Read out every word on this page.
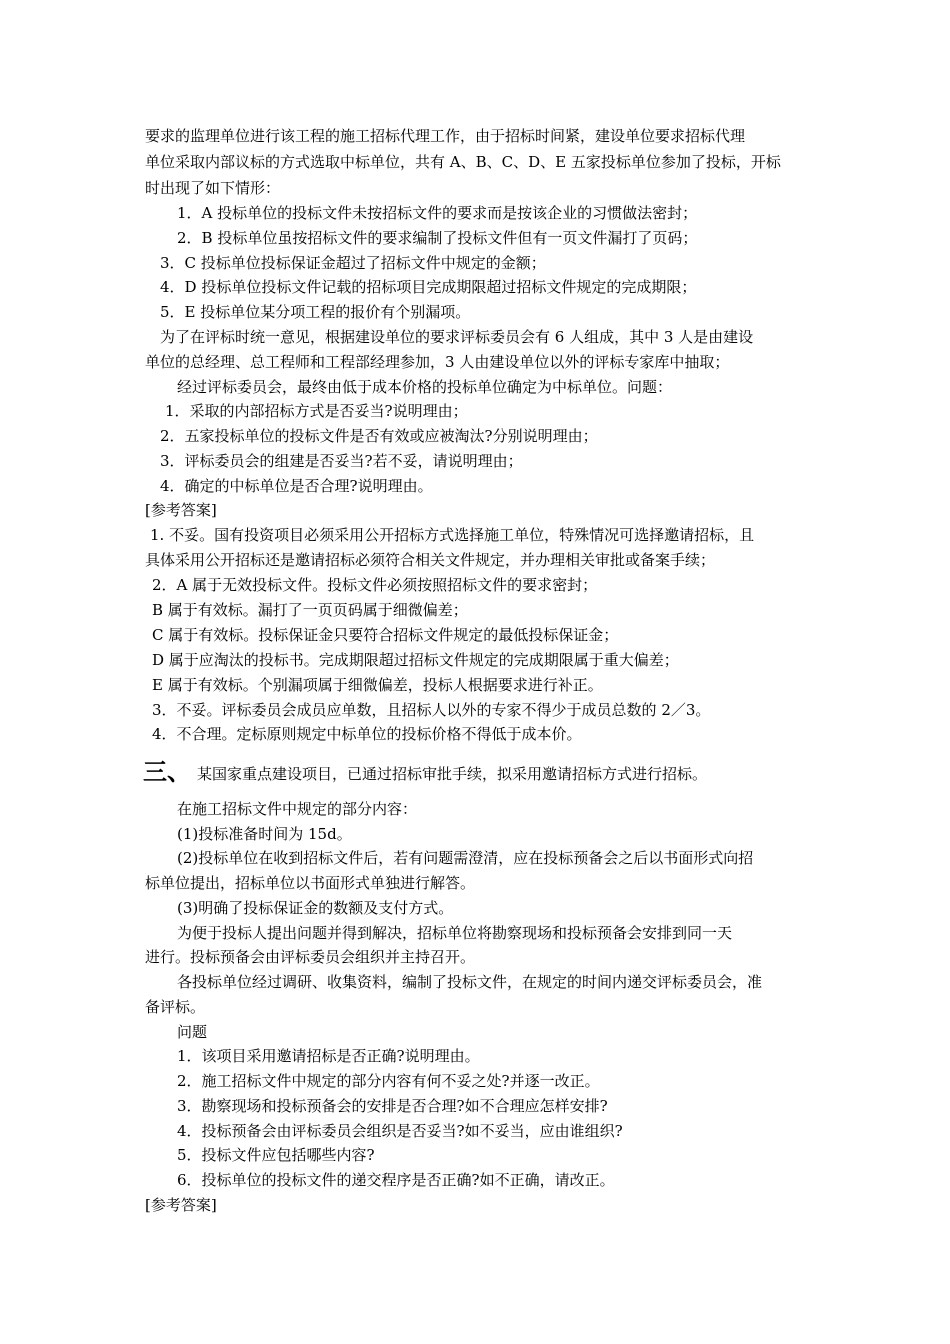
要求的监理单位进行该工程的施工招标代理工作，由于招标时间紧，建设单位要求招标代理
单位采取内部议标的方式选取中标单位，共有 A、B、C、D、E 五家投标单位参加了投标，开标
时出现了如下情形：
1．A 投标单位的投标文件未按招标文件的要求而是按该企业的习惯做法密封；
2．B 投标单位虽按招标文件的要求编制了投标文件但有一页文件漏打了页码；
3．C 投标单位投标保证金超过了招标文件中规定的金额；
4．D 投标单位投标文件记载的招标项目完成期限超过招标文件规定的完成期限；
5．E 投标单位某分项工程的报价有个别漏项。
为了在评标时统一意见，根据建设单位的要求评标委员会有 6 人组成，其中 3 人是由建设
单位的总经理、总工程师和工程部经理参加，3 人由建设单位以外的评标专家库中抽取；
经过评标委员会，最终由低于成本价格的投标单位确定为中标单位。问题：
1．采取的内部招标方式是否妥当?说明理由；
2．五家投标单位的投标文件是否有效或应被淘汰?分别说明理由；
3．评标委员会的组建是否妥当?若不妥，请说明理由；
4．确定的中标单位是否合理?说明理由。
[参考答案]
1. 不妥。国有投资项目必须采用公开招标方式选择施工单位，特殊情况可选择邀请招标，且
具体采用公开招标还是邀请招标必须符合相关文件规定，并办理相关审批或备案手续；
2．A 属于无效投标文件。投标文件必须按照招标文件的要求密封；
B 属于有效标。漏打了一页页码属于细微偏差；
C 属于有效标。投标保证金只要符合招标文件规定的最低投标保证金；
D 属于应淘汰的投标书。完成期限超过招标文件规定的完成期限属于重大偏差；
E 属于有效标。个别漏项属于细微偏差，投标人根据要求进行补正。
3．不妥。评标委员会成员应单数，且招标人以外的专家不得少于成员总数的 2／3。
4．不合理。定标原则规定中标单位的投标价格不得低于成本价。
三、 某国家重点建设项目，已通过招标审批手续，拟采用邀请招标方式进行招标。
在施工招标文件中规定的部分内容：
(1)投标准备时间为 15d。
(2)投标单位在收到招标文件后，若有问题需澄清，应在投标预备会之后以书面形式向招
标单位提出，招标单位以书面形式单独进行解答。
(3)明确了投标保证金的数额及支付方式。
为便于投标人提出问题并得到解决，招标单位将勘察现场和投标预备会安排到同一天
进行。投标预备会由评标委员会组织并主持召开。
各投标单位经过调研、收集资料，编制了投标文件，在规定的时间内递交评标委员会，准
备评标。
问题
1．该项目采用邀请招标是否正确?说明理由。
2．施工招标文件中规定的部分内容有何不妥之处?并逐一改正。
3．勘察现场和投标预备会的安排是否合理?如不合理应怎样安排?
4．投标预备会由评标委员会组织是否妥当?如不妥当，应由谁组织?
5．投标文件应包括哪些内容?
6．投标单位的投标文件的递交程序是否正确?如不正确，请改正。
[参考答案]
